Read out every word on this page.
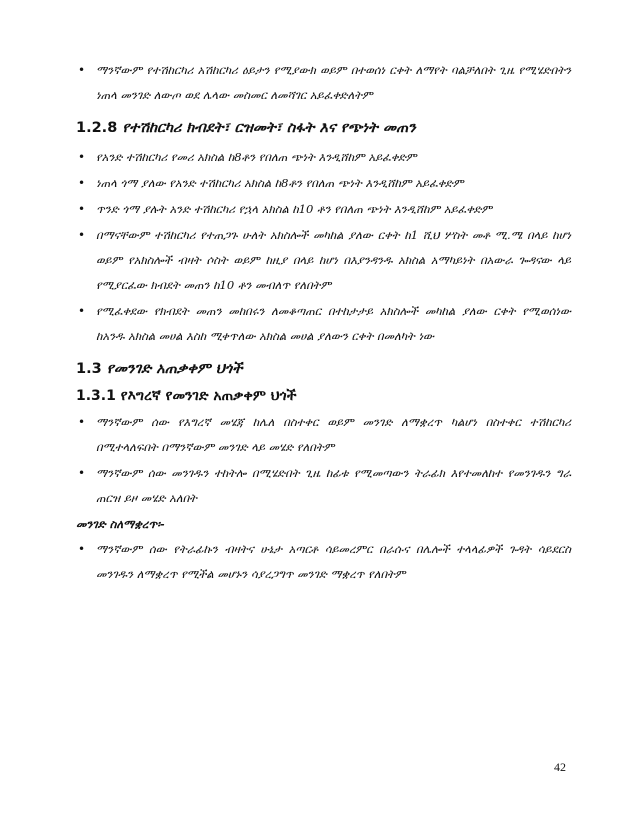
• ማንኛውም የተሽከርካሪ አሽከርካሪ ዕይታን የሚያውክ ወይም በተወሰነ ርቀት ለማየት ባልቻለበት ጊዜ የሚሄድበትን ነጠላ መንገድ ለውጦ ወደ ሌላው መስመር ለመሻገር አይፈቀድለትም
1.2.8 የተሽከርካሪ ክብደት፣ ርዝመት፣ ስፋት እና የጭነት መጠን
• የአንድ ተሽከርካሪ የመሪ አክስል ከ8ቶን የበለጠ ጭነት እንዲሸከም አይፈቀድም
• ነጠላ ጎማ ያለው የአንድ ተሽከርካሪ አክስል ከ8ቶን የበለጠ ጭነት እንዲሸከም አይፈቀድም
• ጥንድ ጎማ ያሉት አንድ ተሽከርካሪ የኋላ አክስል ከ10 ቶን የበለጠ ጭነት እንዲሸከም አይፈቀድም
• በማናቸውም ተሽከርካሪ የተጠጋጉ ሁለት አክስሎች መካከል ያለው ርቀት ከ1 ሺህ ሦስት መቶ ሚ.ሜ በላይ ከሆነ ወይም የአክስሎች ብዛት ሶስት ወይም ከዚያ በላይ ከሆነ በእያንዳንዱ አክስል አማካይነት በአውራ ጐዳናው ላይ የሚያርፈው ክብደት መጠን ከ10 ቶን መብለጥ የለበትም
• የሚፈቀደው የክብደት መጠን መከበሩን ለመቆጣጠር በተከታታይ አክስሎች መካከል ያለው ርቀት የሚወሰነው ከአንዱ አክስል መሀል እስከ ሚቀጥለው አክስል መሀል ያለውን ርቀት በመለካት ነው
1.3 የመንገድ አጠቃቀም ህጎች
1.3.1 የእግረኛ የመንገድ አጠቃቀም ህጎች
• ማንኛውም ሰው የእግረኛ መሄጃ ከሌለ በስተቀር ወይም መንገድ ለማቋረጥ ካልሆነ በስተቀር ተሽከርካሪ በሚተላለፍበት በማንኛውም መንገድ ላይ መሄድ የለበትም
• ማንኛውም ሰው መንገዱን ተከትሎ በሚሄድበት ጊዜ ከፊቱ የሚመጣውን ትራፊክ እየተመለከተ የመንገዱን ግራ ጠርዝ ይዞ መሄድ አለበት
መንገድ ስለማቋረጥ፡-
• ማንኛውም ሰው የትራፊኩን ብዛትና ሁኔታ አጣርቶ ሳይመረምር በራሱና በሌሎች ተላላፊዎች ጉዳት ሳይደርስ መንገዱን ለማቋረጥ የሚችል መሆኑን ሳያረጋግጥ መንገድ ማቋረጥ የለበትም
42
